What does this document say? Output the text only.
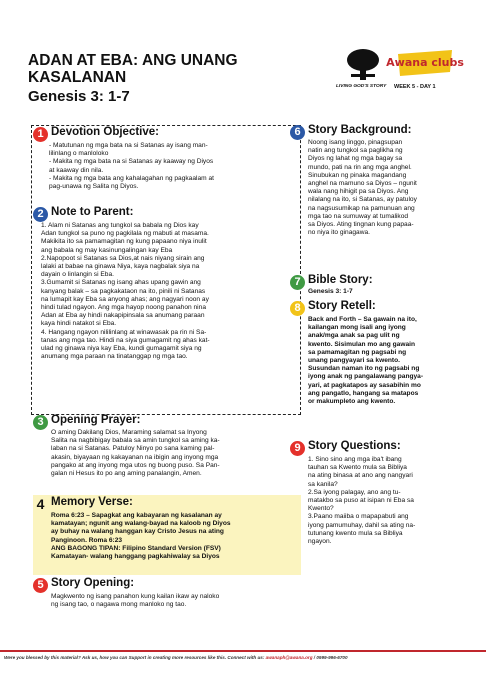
ADAN AT EBA: ANG UNANG KASALANAN
Genesis 3: 1-7
LIVING GOD'S STORY
Awana clubs
WEEK 5 - DAY 1
1 Devotion Objective:
- Matutunan ng mga bata na si Satanas ay isang man-
lilinlang o manloloko
- Makita ng mga bata na si Satanas ay kaaway ng Diyos
at kaaway din nila.
- Makita ng mga bata ang kahalagahan ng pagkaalam at
pag-unawa ng Salita ng Diyos.
2 Note to Parent:
1. Alam ni Satanas ang tungkol sa babala ng Dios kay
Adan tungkol sa puno ng pagkilala ng mabuti at masama.
Makikita ito sa pamamagitan ng kung papaano niya inulit
ang babala ng may kasinungalingan kay Eba
2.Napopoot si Satanas sa Dios,at nais niyang sirain ang
lalaki at babae na ginawa Niya, kaya nagbalak siya na
dayain o linlangin si Eba.
3.Gumamit si Satanas ng isang ahas upang gawin ang
kanyang balak – sa pagkakataon na ito, pinili ni Satanas
na lumapit kay Eba sa anyong ahas; ang nagyari noon ay
hindi tulad ngayon. Ang mga hayop noong panahon nina
Adan at Eba ay hindi nakapipinsala sa anumang paraan
kaya hindi natakot si Eba.
4. Hangang ngayon nililinlang at winawasak pa rin ni Sa-
tanas ang mga tao. Hindi na siya gumagamit ng ahas kat-
ulad ng ginawa niya kay Eba, kundi gumagamit siya ng
anumang mga paraan na tinatanggap ng mga tao.
3 Opening Prayer:
O aming Dakilang Dios, Maraming salamat sa Inyong
Salita na nagbibigay babala sa amin tungkol sa aming ka-
laban na si Satanas. Patuloy Ninyo po sana kaming pal-
akasin, biyayaan ng kakayanan na ibigin ang inyong mga
pangako at ang inyong mga utos ng buong puso. Sa Pan-
galan ni Hesus ito po ang aming panalangin, Amen.
4 Memory Verse:
Roma 6:23 – Sapagkat ang kabayaran ng kasalanan ay
kamatayan; ngunit ang walang-bayad na kaloob ng Diyos
ay buhay na walang hanggan kay Cristo Jesus na ating
Panginoon. Roma 6:23
ANG BAGONG TIPAN: Filipino Standard Version (FSV)
Kamatayan- walang hanggang pagkahiwalay sa Diyos
5 Story Opening:
Magkwento ng isang panahon kung kailan ikaw ay naloko
ng isang tao, o nagawa mong manloko ng tao.
6 Story Background:
Noong isang linggo, pinagsupan
natin ang tungkol sa paglikha ng
Diyos ng lahat ng mga bagay sa
mundo, pati na rin ang mga anghel.
Sinubukan ng pinaka magandang
anghel na mamuno sa Diyos – ngunit
wala nang hihigit pa sa Diyos. Ang
nilalang na ito, si Satanas, ay patuloy
na nagsusumikap na pamunuan ang
mga tao na sumuway at tumalikod
sa Diyos. Ating tingnan kung papaa-
no niya ito ginagawa.
7 Bible Story:
Genesis 3: 1-7
8 Story Retell:
Back and Forth – Sa gawain na ito,
kailangan mong isali ang iyong
anak/mga anak sa pag ulit ng
kwento. Sisimulan mo ang gawain
sa pamamagitan ng pagsabi ng
unang pangyayari sa kwento.
Susundan naman ito ng pagsabi ng
iyong anak ng pangalawang pangya-
yari, at pagkatapos ay sasabihin mo
ang pangatlo, hangang sa matapos
or makumpleto ang kwento.
9 Story Questions:
1. Sino sino ang mga iba't ibang
tauhan sa Kwento mula sa Bibliya
na ating binasa at ano ang nangyari
sa kanila?
2.Sa iyong palagay, ano ang tu-
matakbo sa puso at isipan ni Eba sa
Kwento?
3.Paano maiiba o mapapabuti ang
iyong pamumuhay, dahil sa ating na-
tutunang kwento mula sa Bibliya
ngayon.
Were you blessed by this material? Ask us, how you can Support in creating more resources like this. Connect with us: awanaph@awana.org / 0999-996-6700
